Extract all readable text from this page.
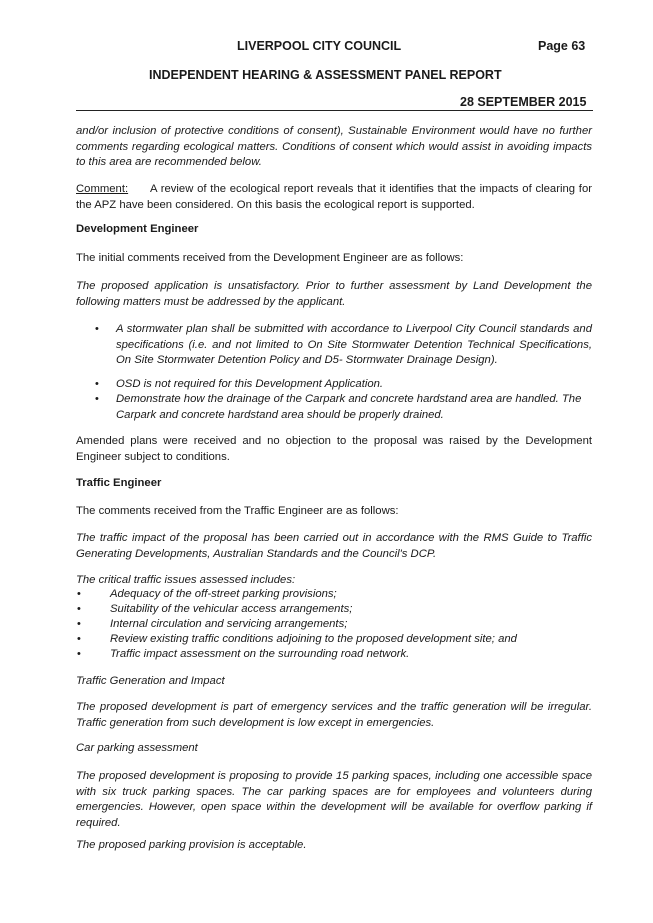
LIVERPOOL CITY COUNCIL	Page 63
INDEPENDENT HEARING & ASSESSMENT PANEL REPORT
28 SEPTEMBER 2015

and/or inclusion of protective conditions of consent), Sustainable Environment would have no further comments regarding ecological matters. Conditions of consent which would assist in avoiding impacts to this area are recommended below.

Comment: A review of the ecological report reveals that it identifies that the impacts of clearing for the APZ have been considered. On this basis the ecological report is supported.

Development Engineer

The initial comments received from the Development Engineer are as follows:

The proposed application is unsatisfactory. Prior to further assessment by Land Development the following matters must be addressed by the applicant.

• A stormwater plan shall be submitted with accordance to Liverpool City Council standards and specifications (i.e. and not limited to On Site Stormwater Detention Technical Specifications, On Site Stormwater Detention Policy and D5- Stormwater Drainage Design).

• OSD is not required for this Development Application.

• Demonstrate how the drainage of the Carpark and concrete hardstand area are handled. The Carpark and concrete hardstand area should be properly drained.

Amended plans were received and no objection to the proposal was raised by the Development Engineer subject to conditions.

Traffic Engineer

The comments received from the Traffic Engineer are as follows:

The traffic impact of the proposal has been carried out in accordance with the RMS Guide to Traffic Generating Developments, Australian Standards and the Council's DCP.

The critical traffic issues assessed includes:

•	Adequacy of the off-street parking provisions;

•	Suitability of the vehicular access arrangements;

•	Internal circulation and servicing arrangements;

•	Review existing traffic conditions adjoining to the proposed development site; and

•	Traffic impact assessment on the surrounding road network.

Traffic Generation and Impact

The proposed development is part of emergency services and the traffic generation will be irregular. Traffic generation from such development is low except in emergencies.

Car parking assessment

The proposed development is proposing to provide 15 parking spaces, including one accessible space with six truck parking spaces. The car parking spaces are for employees and volunteers during emergencies. However, open space within the development will be available for overflow parking if required.

The proposed parking provision is acceptable.
